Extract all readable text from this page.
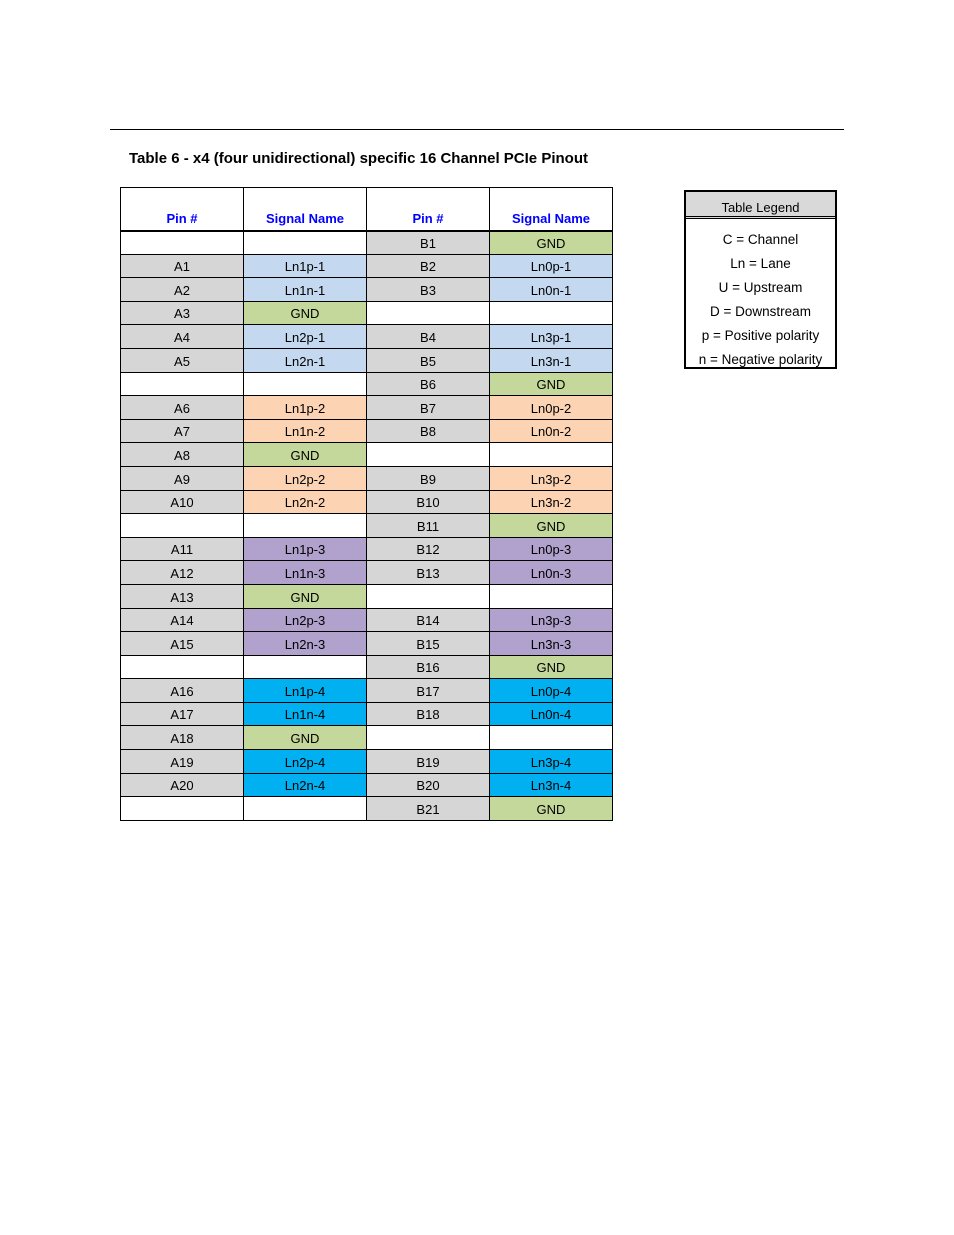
Table 6 - x4 (four unidirectional) specific 16 Channel PCIe Pinout
Pin #	Signal Name	Pin #	Signal Name
		B1	GND
A1	Ln1p-1	B2	Ln0p-1
A2	Ln1n-1	B3	Ln0n-1
A3	GND		
A4	Ln2p-1	B4	Ln3p-1
A5	Ln2n-1	B5	Ln3n-1
		B6	GND
A6	Ln1p-2	B7	Ln0p-2
A7	Ln1n-2	B8	Ln0n-2
A8	GND		
A9	Ln2p-2	B9	Ln3p-2
A10	Ln2n-2	B10	Ln3n-2
		B11	GND
A11	Ln1p-3	B12	Ln0p-3
A12	Ln1n-3	B13	Ln0n-3
A13	GND		
A14	Ln2p-3	B14	Ln3p-3
A15	Ln2n-3	B15	Ln3n-3
		B16	GND
A16	Ln1p-4	B17	Ln0p-4
A17	Ln1n-4	B18	Ln0n-4
A18	GND		
A19	Ln2p-4	B19	Ln3p-4
A20	Ln2n-4	B20	Ln3n-4
		B21	GND
Table Legend
C = Channel
Ln = Lane
U = Upstream
D = Downstream
p = Positive polarity
n = Negative polarity
